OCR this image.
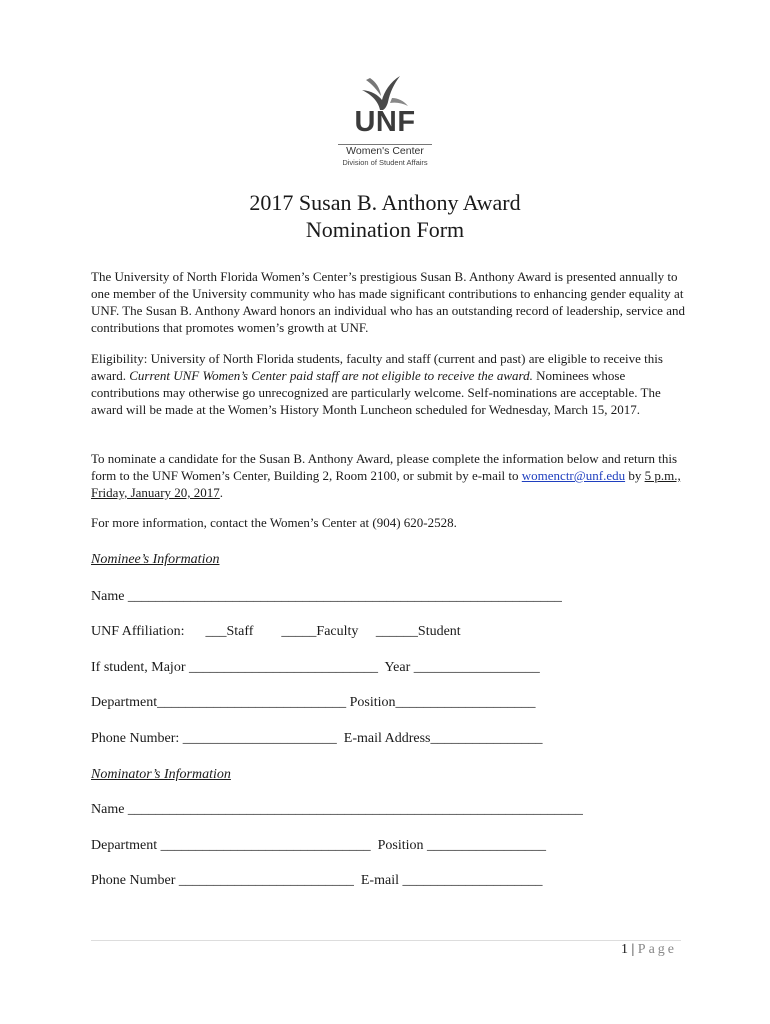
UNF
Women's Center
Division of Student Affairs
2017 Susan B. Anthony Award
Nomination Form
The University of North Florida Women’s Center’s prestigious Susan B. Anthony Award is presented annually to one member of the University community who has made significant contributions to enhancing gender equality at UNF. The Susan B. Anthony Award honors an individual who has an outstanding record of leadership, service and contributions that promotes women’s growth at UNF.
Eligibility: University of North Florida students, faculty and staff (current and past) are eligible to receive this award. Current UNF Women’s Center paid staff are not eligible to receive the award. Nominees whose contributions may otherwise go unrecognized are particularly welcome. Self-nominations are acceptable. The award will be made at the Women’s History Month Luncheon scheduled for Wednesday, March 15, 2017.
To nominate a candidate for the Susan B. Anthony Award, please complete the information below and return this form to the UNF Women’s Center, Building 2, Room 2100, or submit by e-mail to womenctr@unf.edu by 5 p.m., Friday, January 20, 2017.
For more information, contact the Women’s Center at (904) 620-2528.
Nominee’s Information
Name ______________________________________________________________
UNF Affiliation:      ___Staff        _____Faculty     ______Student
If student, Major ___________________________  Year __________________
Department___________________________ Position____________________
Phone Number: ______________________  E-mail Address________________
Nominator’s Information
Name _________________________________________________________________
Department ______________________________  Position _________________
Phone Number _________________________  E-mail ____________________
1 | Page
